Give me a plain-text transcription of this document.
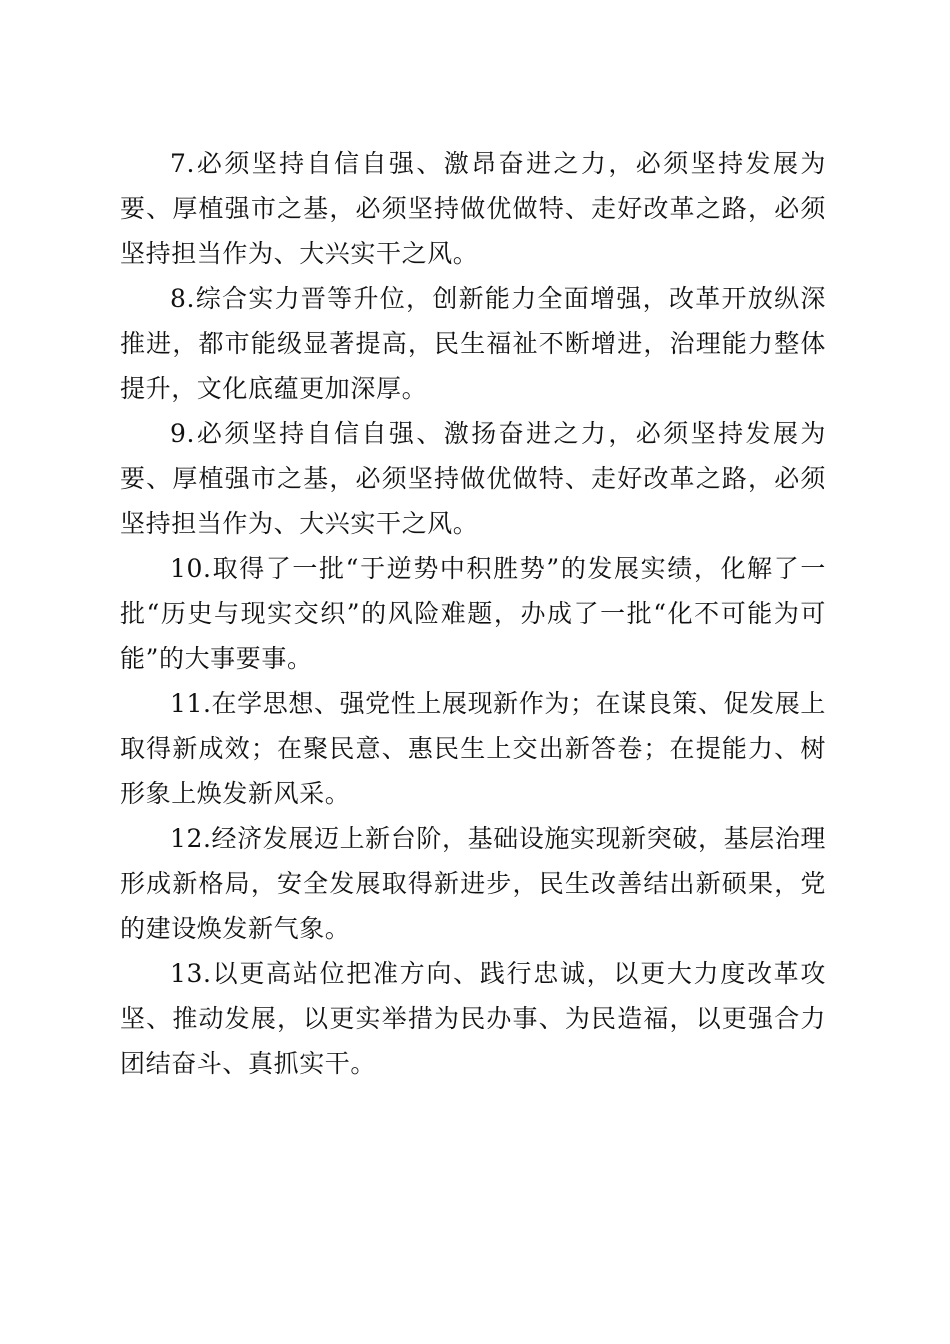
7.必须坚持自信自强、激昂奋进之力，必须坚持发展为要、厚植强市之基，必须坚持做优做特、走好改革之路，必须坚持担当作为、大兴实干之风。

8.综合实力晋等升位，创新能力全面增强，改革开放纵深推进，都市能级显著提高，民生福祉不断增进，治理能力整体提升，文化底蕴更加深厚。

9.必须坚持自信自强、激扬奋进之力，必须坚持发展为要、厚植强市之基，必须坚持做优做特、走好改革之路，必须坚持担当作为、大兴实干之风。

10.取得了一批“于逆势中积胜势”的发展实绩，化解了一批“历史与现实交织”的风险难题，办成了一批“化不可能为可能”的大事要事。

11.在学思想、强党性上展现新作为；在谋良策、促发展上取得新成效；在聚民意、惠民生上交出新答卷；在提能力、树形象上焕发新风采。

12.经济发展迈上新台阶，基础设施实现新突破，基层治理形成新格局，安全发展取得新进步，民生改善结出新硕果，党的建设焕发新气象。

13.以更高站位把准方向、践行忠诚，以更大力度改革攻坚、推动发展，以更实举措为民办事、为民造福，以更强合力团结奋斗、真抓实干。
